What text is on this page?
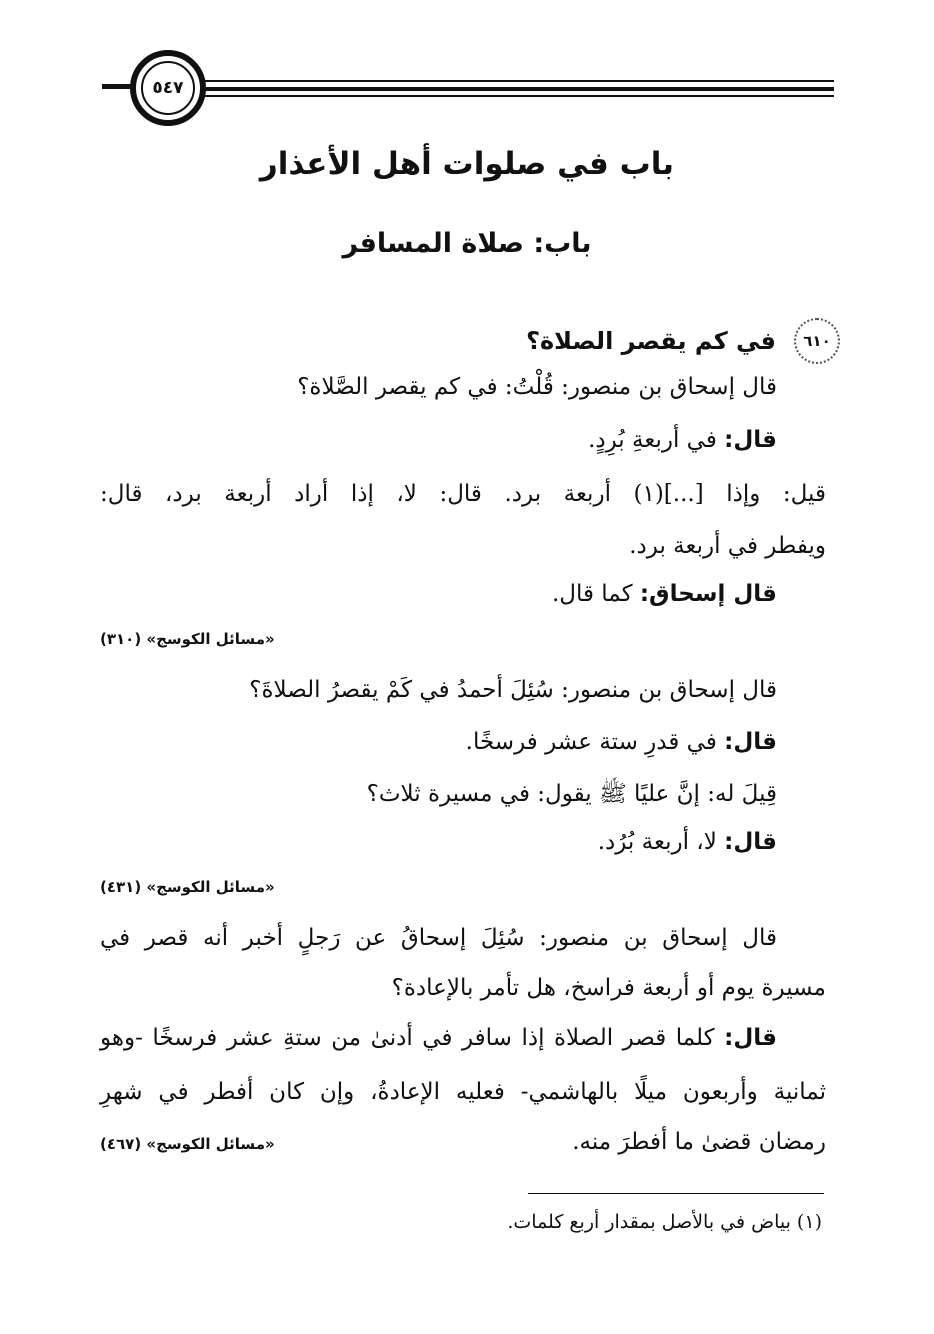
٥٤٧
باب في صلوات أهل الأعذار
باب: صلاة المسافر
٦١٠
في كم يقصر الصلاة؟
قال إسحاق بن منصور: قُلْتُ: في كم يقصر الصَّلاة؟
قال: في أربعةِ بُرِدٍ.
قيل: وإذا [...](١) أربعة برد. قال: لا، إذا أراد أربعة برد، قال:
ويفطر في أربعة برد.
قال إسحاق: كما قال.
«مسائل الكوسج» (٣١٠)
قال إسحاق بن منصور: سُئِلَ أحمدُ في كَمْ يقصرُ الصلاةَ؟
قال: في قدرِ ستة عشر فرسخًا.
قِيلَ له: إنَّ عليًا ﷺ يقول: في مسيرة ثلاث؟
قال: لا، أربعة بُرُد.
«مسائل الكوسج» (٤٣١)
قال إسحاق بن منصور: سُئِلَ إسحاقُ عن رَجلٍ أخبر أنه قصر في
مسيرة يوم أو أربعة فراسخ، هل تأمر بالإعادة؟
قال: كلما قصر الصلاة إذا سافر في أدنىٰ من ستةِ عشر فرسخًا -وهو
ثمانية وأربعون ميلًا بالهاشمي- فعليه الإعادةُ، وإن كان أفطر في شهرِ
رمضان قضىٰ ما أفطرَ منه.
«مسائل الكوسج» (٤٦٧)
(١) بياض في بالأصل بمقدار أربع كلمات.
